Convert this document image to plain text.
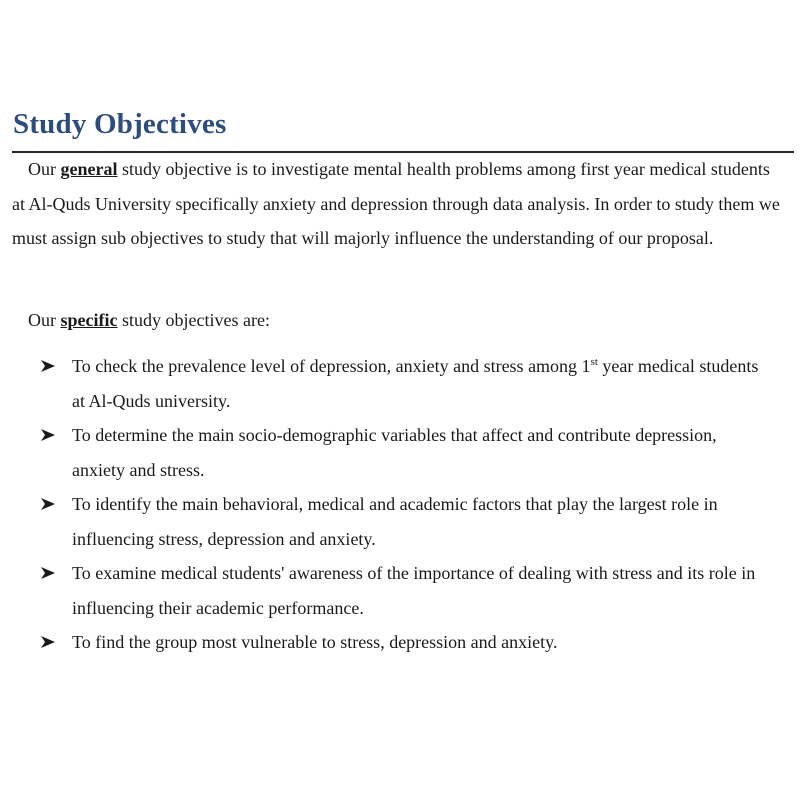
Study Objectives

Our general study objective is to investigate mental health problems among first year medical students at Al-Quds University specifically anxiety and depression through data analysis. In order to study them we must assign sub objectives to study that will majorly influence the understanding of our proposal.

Our specific study objectives are:

To check the prevalence level of depression, anxiety and stress among 1st year medical students at Al-Quds university.
To determine the main socio-demographic variables that affect and contribute depression, anxiety and stress.
To identify the main behavioral, medical and academic factors that play the largest role in influencing stress, depression and anxiety.
To examine medical students' awareness of the importance of dealing with stress and its role in influencing their academic performance.
To find the group most vulnerable to stress, depression and anxiety.
